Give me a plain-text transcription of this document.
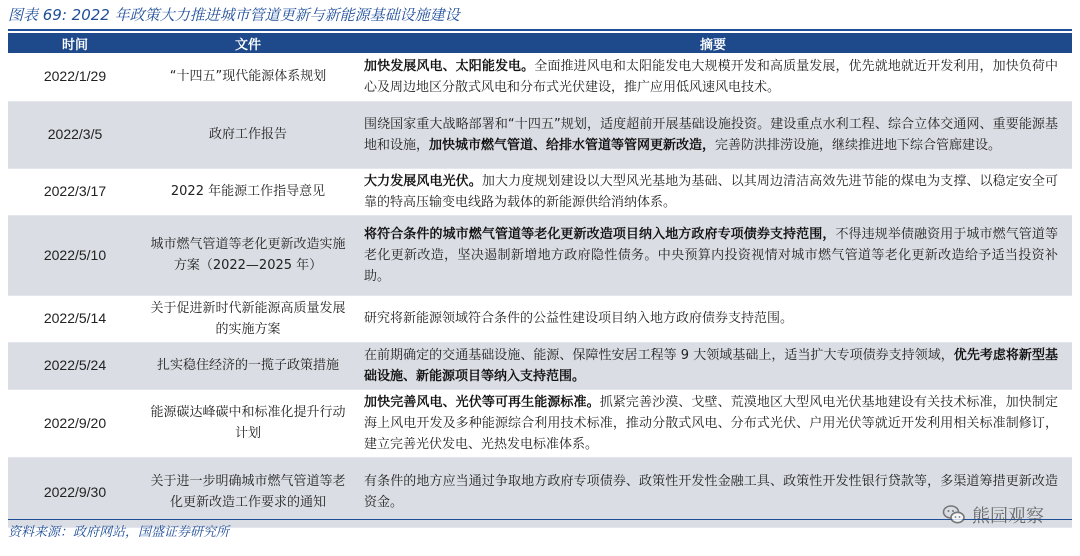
图表 69: 2022 年政策大力推进城市管道更新与新能源基础设施建设
时间	文件	摘要
2022/1/29	“十四五”现代能源体系规划	加快发展风电、太阳能发电。全面推进风电和太阳能发电大规模开发和高质量发展，优先就地就近开发利用，加快负荷中心及周边地区分散式风电和分布式光伏建设，推广应用低风速风电技术。
2022/3/5	政府工作报告	围绕国家重大战略部署和“十四五”规划，适度超前开展基础设施投资。建设重点水利工程、综合立体交通网、重要能源基地和设施，加快城市燃气管道、给排水管道等管网更新改造，完善防洪排涝设施，继续推进地下综合管廊建设。
2022/3/17	2022 年能源工作指导意见	大力发展风电光伏。加大力度规划建设以大型风光基地为基础、以其周边清洁高效先进节能的煤电为支撑、以稳定安全可靠的特高压输变电线路为载体的新能源供给消纳体系。
2022/5/10	城市燃气管道等老化更新改造实施方案（2022—2025 年）	将符合条件的城市燃气管道等老化更新改造项目纳入地方政府专项债券支持范围，不得违规举债融资用于城市燃气管道等老化更新改造，坚决遏制新增地方政府隐性债务。中央预算内投资视情对城市燃气管道等老化更新改造给予适当投资补助。
2022/5/14	关于促进新时代新能源高质量发展的实施方案	研究将新能源领域符合条件的公益性建设项目纳入地方政府债券支持范围。
2022/5/24	扎实稳住经济的一揽子政策措施	在前期确定的交通基础设施、能源、保障性安居工程等 9 大领域基础上，适当扩大专项债券支持领域，优先考虑将新型基础设施、新能源项目等纳入支持范围。
2022/9/20	能源碳达峰碳中和标准化提升行动计划	加快完善风电、光伏等可再生能源标准。抓紧完善沙漠、戈壁、荒漠地区大型风电光伏基地建设有关技术标准，加快制定海上风电开发及多种能源综合利用技术标准，推动分散式风电、分布式光伏、户用光伏等就近开发利用相关标准制修订，建立完善光伏发电、光热发电标准体系。
2022/9/30	关于进一步明确城市燃气管道等老化更新改造工作要求的通知	有条件的地方应当通过争取地方政府专项债券、政策性开发性金融工具、政策性开发性银行贷款等，多渠道筹措更新改造资金。
资料来源：政府网站，国盛证券研究所
熊园观察
